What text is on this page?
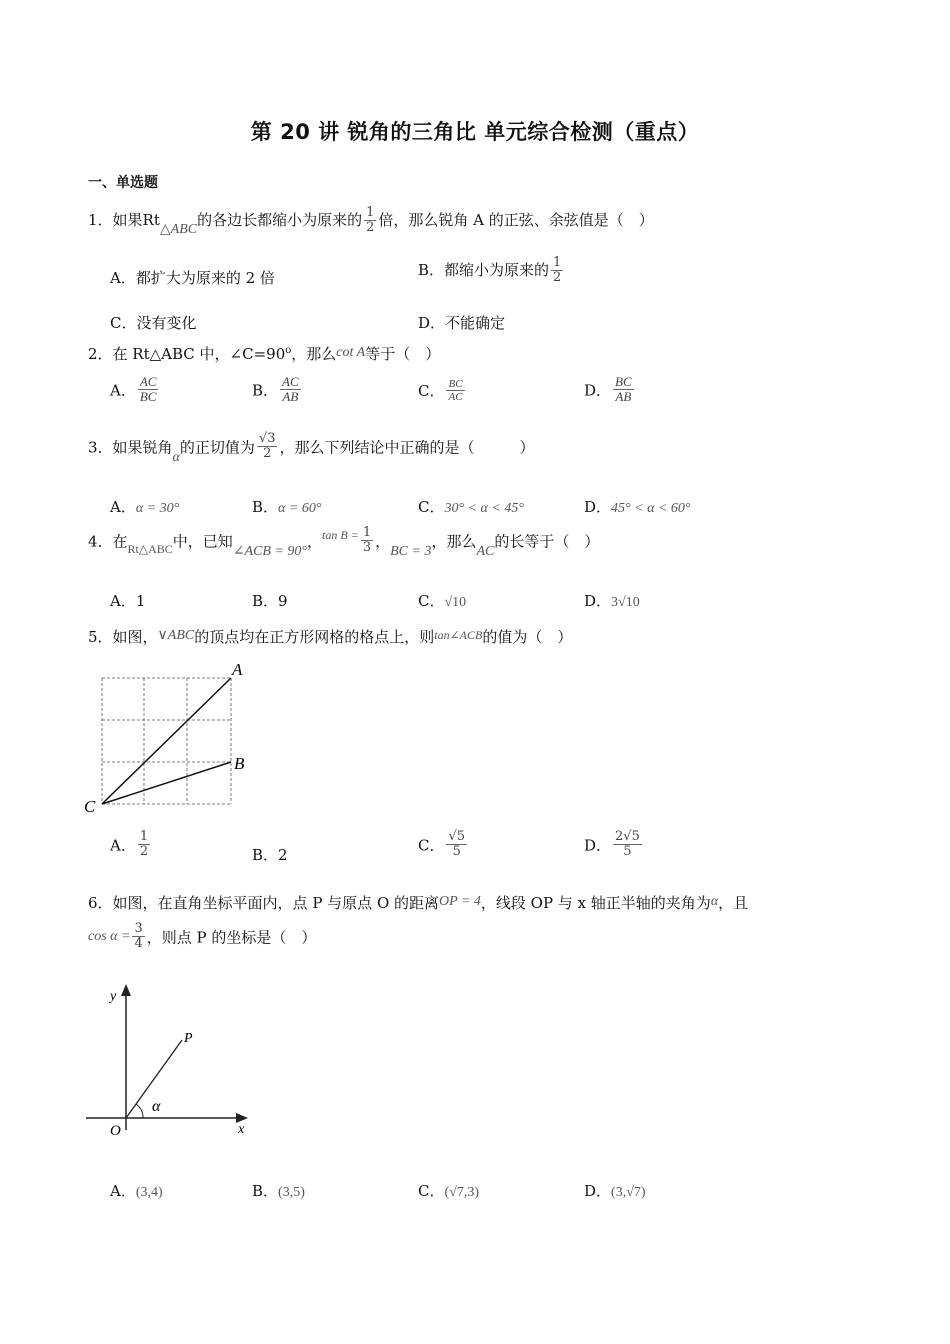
第 20 讲 锐角的三角比 单元综合检测（重点）
一、单选题
1．如果Rt△ABC的各边长都缩小为原来的 $\frac{1}{2}$ 倍，那么锐角 A 的正弦、余弦值是（　）
A．都扩大为原来的 2 倍	B．都缩小为原来的 $\frac{1}{2}$
C．没有变化	D．不能确定
2．在 Rt△ABC 中，$\angle C=90^o$，那么cot A等于（　）
A． $\frac{AC}{BC}$	B． $\frac{AC}{AB}$	C． $\frac{BC}{AC}$	D． $\frac{BC}{AB}$
3．如果锐角α的正切值为 $\frac{√3}{2}$ ，那么下列结论中正确的是（　　　）
A．α = 30°	B．α = 60°	C．30° < α < 45°	D．45° < α < 60°
4．在$_{Rt\triangle ABC}$中，已知∠ACB = 90°，$^{tan B =} \frac{1}{3}$ ，BC = 3，那么AC的长等于（　）
A．1	B．9	C．√10	D．3√10
5．如图，∨ABC的顶点均在正方形网格的格点上，则$^{tan\angle ACB}$的值为（　）
A
B
C
A． $\frac{1}{2}$	B．2
C． $\frac{√5}{5}$	D． $\frac{2√5}{5}$
6．如图，在直角坐标平面内，点 P 与原点 O 的距离OP = 4，线段 OP 与 x 轴正半轴的夹角为α，且
$\cos \alpha = \frac{3}{4}$ ，则点 P 的坐标是（　）
y
x
O
P
α
A．(3,4)	B．(3,5)	C．(√7,3)	D．(3,√7)
